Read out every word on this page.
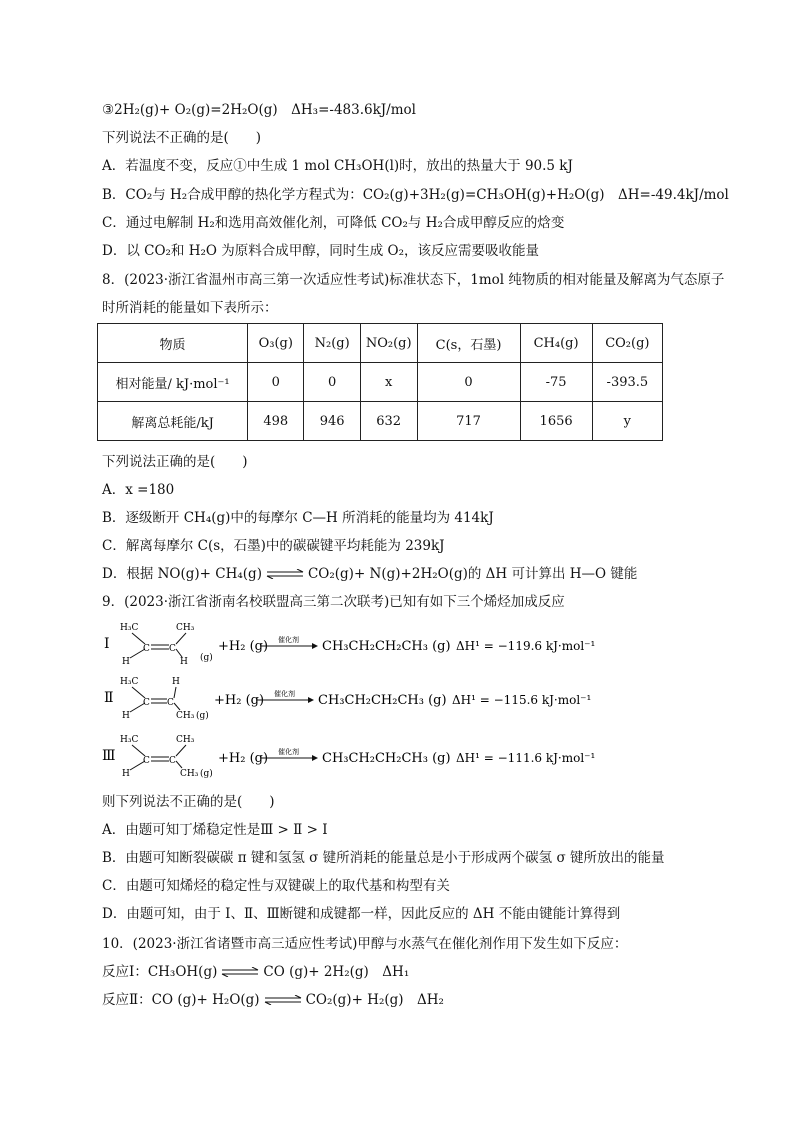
③2H₂(g)+ O₂(g)=2H₂O(g)　ΔH₃=-483.6kJ/mol
下列说法不正确的是(　　)
A．若温度不变，反应①中生成 1 mol CH₃OH(l)时，放出的热量大于 90.5 kJ
B．CO₂与 H₂合成甲醇的热化学方程式为：CO₂(g)+3H₂(g)=CH₃OH(g)+H₂O(g)　ΔH=-49.4kJ/mol
C．通过电解制 H₂和选用高效催化剂，可降低 CO₂与 H₂合成甲醇反应的焓变
D．以 CO₂和 H₂O 为原料合成甲醇，同时生成 O₂，该反应需要吸收能量
8．(2023·浙江省温州市高三第一次适应性考试)标准状态下，1mol 纯物质的相对能量及解离为气态原子
时所消耗的能量如下表所示：
物质	O₃(g)	N₂(g)	NO₂(g)	C(s，石墨)	CH₄(g)	CO₂(g)
相对能量/ kJ·mol⁻¹	0	0	x	0	-75	-393.5
解离总耗能/kJ	498	946	632	717	1656	y
下列说法正确的是(　　)
A．x =180
B．逐级断开 CH₄(g)中的每摩尔 C—H 所消耗的能量均为 414kJ
C．解离每摩尔 C(s，石墨)中的碳碳键平均耗能为 239kJ
D．根据 NO(g)+ CH₄(g) ⇌ CO₂(g)+ N(g)+2H₂O(g)的 ΔH 可计算出 H—O 键能
9．(2023·浙江省浙南名校联盟高三第二次联考)已知有如下三个烯烃加成反应
Ⅰ
H₃C	CH₃
H	H
C C
(g)
+H₂ (g) 催化剂 CH₃CH₂CH₂CH₃ (g) ΔH¹ = −119.6 kJ·mol⁻¹
Ⅱ
H₃C	H
H	CH₃
C C
(g)
+H₂ (g) 催化剂 CH₃CH₂CH₂CH₃ (g) ΔH¹ = −115.6 kJ·mol⁻¹
Ⅲ
H₃C	CH₃
H	CH₃
C C
(g)
+H₂ (g) 催化剂 CH₃CH₂CH₂CH₃ (g) ΔH¹ = −111.6 kJ·mol⁻¹
则下列说法不正确的是(　　)
A．由题可知丁烯稳定性是Ⅲ > Ⅱ > Ⅰ
B．由题可知断裂碳碳 π 键和氢氢 σ 键所消耗的能量总是小于形成两个碳氢 σ 键所放出的能量
C．由题可知烯烃的稳定性与双键碳上的取代基和构型有关
D．由题可知，由于 Ⅰ、Ⅱ、Ⅲ断键和成键都一样，因此反应的 ΔH 不能由键能计算得到
10．(2023·浙江省诸暨市高三适应性考试)甲醇与水蒸气在催化剂作用下发生如下反应：
反应Ⅰ：CH₃OH(g) ⇌ CO (g)+ 2H₂(g)　ΔH₁
反应Ⅱ：CO (g)+ H₂O(g) ⇌ CO₂(g)+ H₂(g)　ΔH₂
